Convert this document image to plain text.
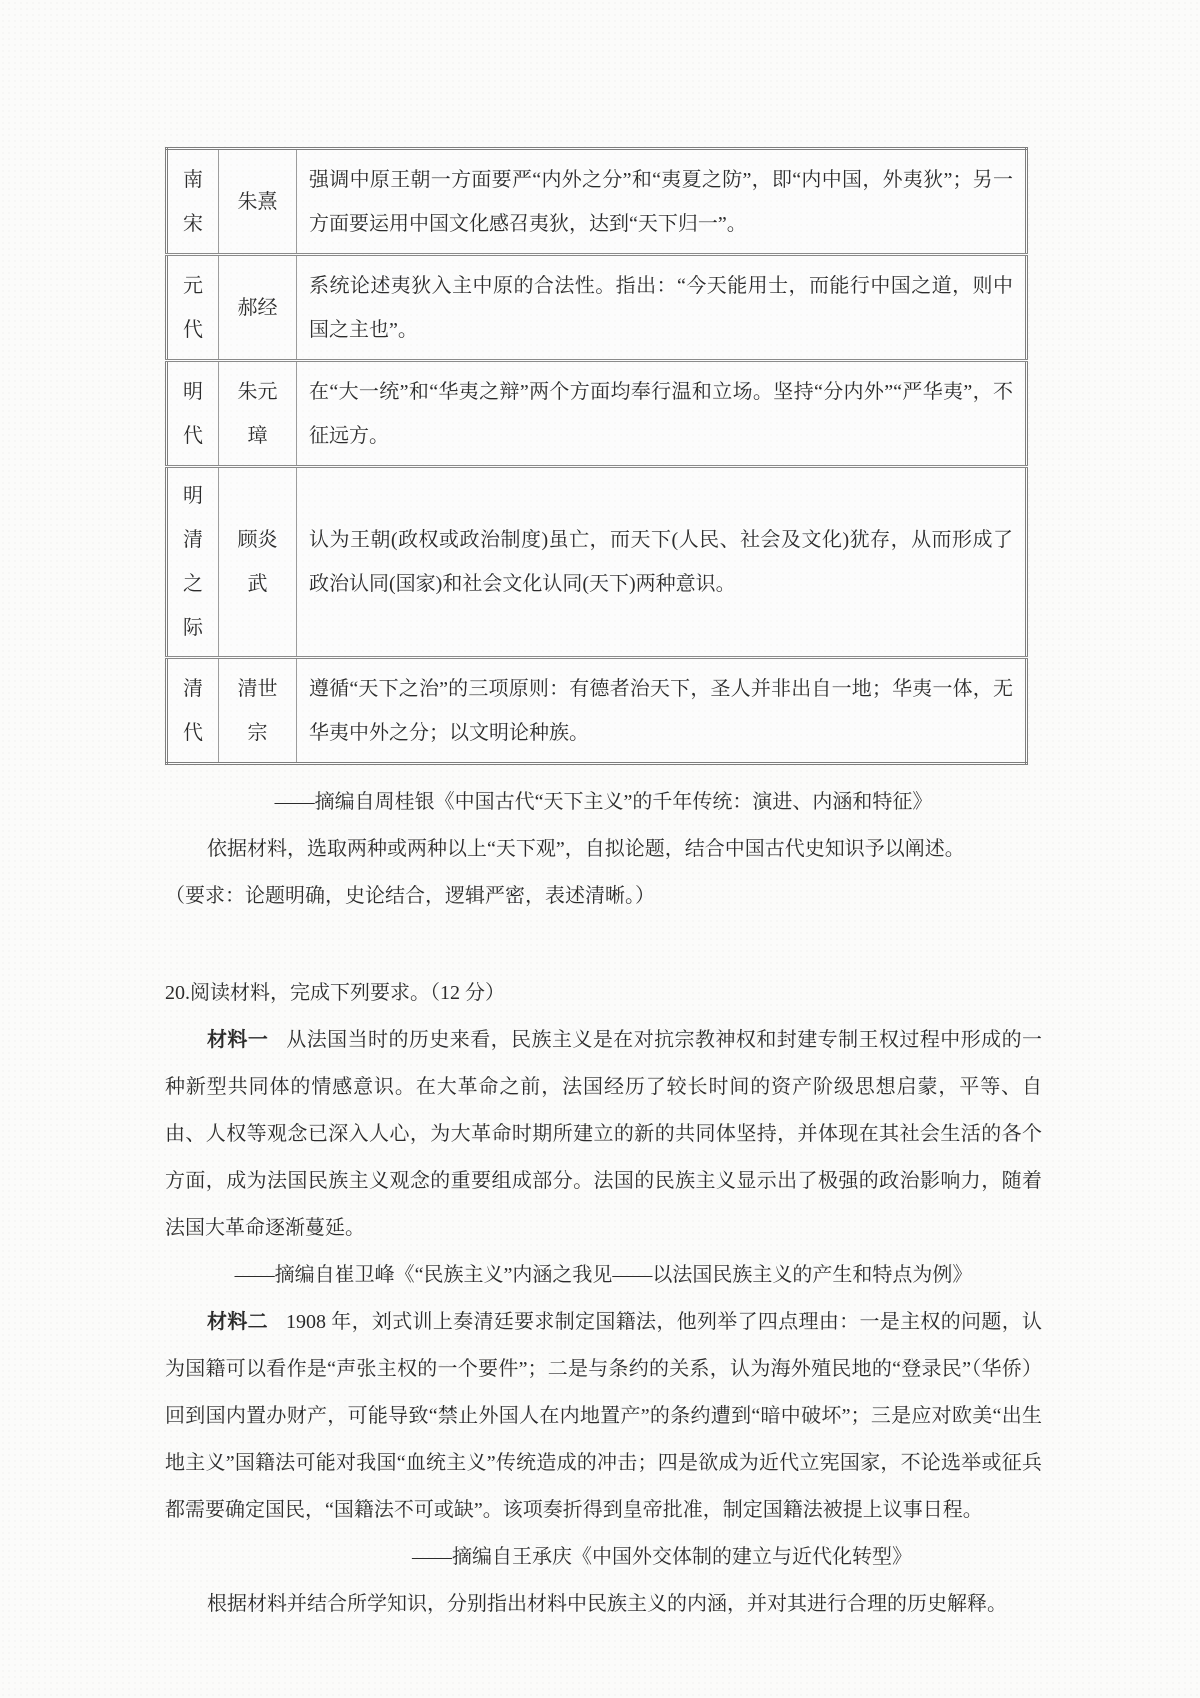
南宋	朱熹	强调中原王朝一方面要严“内外之分”和“夷夏之防”，即“内中国，外夷狄”；另一方面要运用中国文化感召夷狄，达到“天下归一”。
元代	郝经	系统论述夷狄入主中原的合法性。指出：“今天能用士，而能行中国之道，则中国之主也”。
明代	朱元璋	在“大一统”和“华夷之辩”两个方面均奉行温和立场。坚持“分内外”“严华夷”，不征远方。
明清之际	顾炎武	认为王朝(政权或政治制度)虽亡，而天下(人民、社会及文化)犹存，从而形成了政治认同(国家)和社会文化认同(天下)两种意识。
清代	清世宗	遵循“天下之治”的三项原则：有德者治天下，圣人并非出自一地；华夷一体，无华夷中外之分；以文明论种族。

——摘编自周桂银《中国古代“天下主义”的千年传统：演进、内涵和特征》

依据材料，选取两种或两种以上“天下观”，自拟论题，结合中国古代史知识予以阐述。

（要求：论题明确，史论结合，逻辑严密，表述清晰。）

20.阅读材料，完成下列要求。（12 分）

材料一 从法国当时的历史来看，民族主义是在对抗宗教神权和封建专制王权过程中形成的一种新型共同体的情感意识。在大革命之前，法国经历了较长时间的资产阶级思想启蒙，平等、自由、人权等观念已深入人心，为大革命时期所建立的新的共同体坚持，并体现在其社会生活的各个方面，成为法国民族主义观念的重要组成部分。法国的民族主义显示出了极强的政治影响力，随着法国大革命逐渐蔓延。

——摘编自崔卫峰《“民族主义”内涵之我见——以法国民族主义的产生和特点为例》

材料二 1908 年，刘式训上奏清廷要求制定国籍法，他列举了四点理由：一是主权的问题，认为国籍可以看作是“声张主权的一个要件”；二是与条约的关系，认为海外殖民地的“登录民”（华侨）回到国内置办财产，可能导致“禁止外国人在内地置产”的条约遭到“暗中破坏”；三是应对欧美“出生地主义”国籍法可能对我国“血统主义”传统造成的冲击；四是欲成为近代立宪国家，不论选举或征兵都需要确定国民，“国籍法不可或缺”。该项奏折得到皇帝批准，制定国籍法被提上议事日程。

——摘编自王承庆《中国外交体制的建立与近代化转型》

根据材料并结合所学知识，分别指出材料中民族主义的内涵，并对其进行合理的历史解释。
